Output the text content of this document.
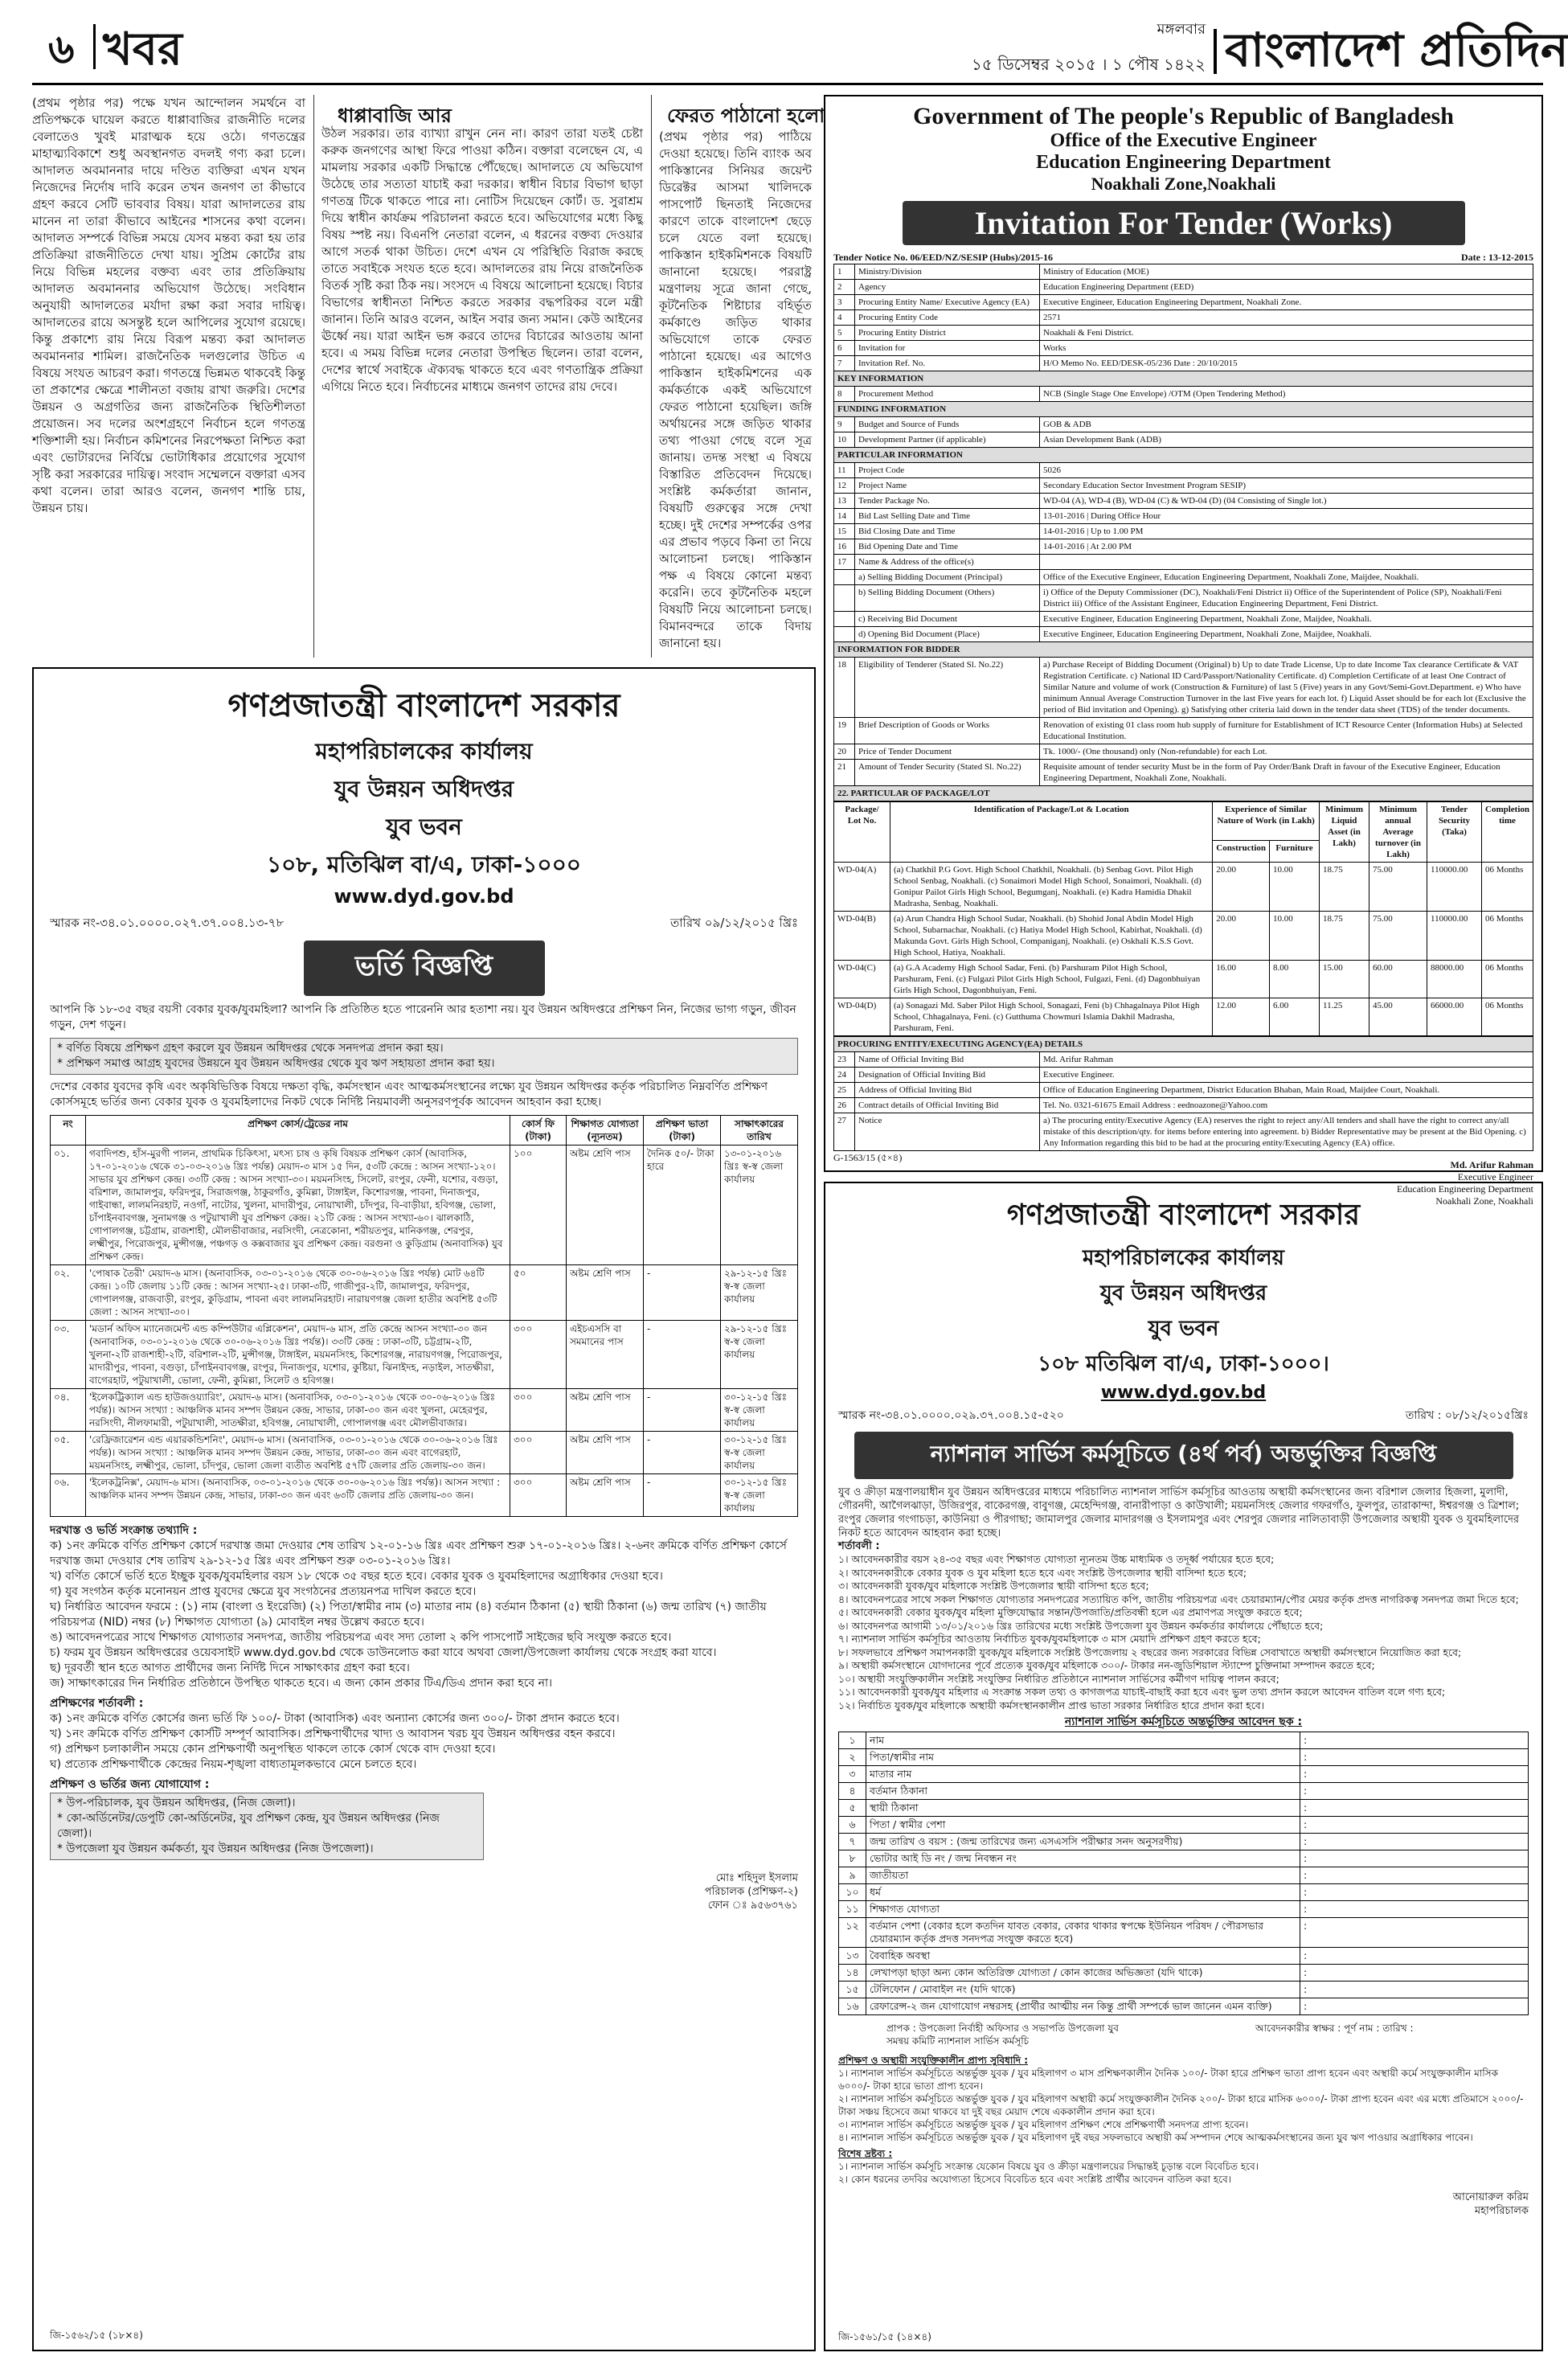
৬ খবর	মঙ্গলবার
১৫ ডিসেম্বর ২০১৫ । ১ পৌষ ১৪২২ বাংলাদেশ প্রতিদিন
(প্রথম পৃষ্ঠার পর) পক্ষে যখন আন্দোলন সমর্থনে বা প্রতিপক্ষকে ঘায়েল করতে ধাপ্পাবাজির রাজনীতি দলের বেলাতেও খুবই মারাত্মক হয়ে ওঠে। গণতন্ত্রের মাহাত্ম্যবিকাশে শুধু অবস্থানগত বদলই গণ্য করা চলে। আদালত অবমাননার দায়ে দণ্ডিত ব্যক্তিরা এখন যখন নিজেদের নির্দোষ দাবি করেন তখন জনগণ তা কীভাবে গ্রহণ করবে সেটি ভাববার বিষয়। যারা আদালতের রায় মানেন না তারা কীভাবে আইনের শাসনের কথা বলেন। আদালত সম্পর্কে বিভিন্ন সময়ে যেসব মন্তব্য করা হয় তার প্রতিক্রিয়া রাজনীতিতে দেখা যায়। সুপ্রিম কোর্টের রায় নিয়ে বিভিন্ন মহলের বক্তব্য এবং তার প্রতিক্রিয়ায় আদালত অবমাননার অভিযোগ উঠেছে। সংবিধান অনুযায়ী আদালতের মর্যাদা রক্ষা করা সবার দায়িত্ব। আদালতের রায়ে অসন্তুষ্ট হলে আপিলের সুযোগ রয়েছে। কিন্তু প্রকাশ্যে রায় নিয়ে বিরূপ মন্তব্য করা আদালত অবমাননার শামিল। রাজনৈতিক দলগুলোর উচিত এ বিষয়ে সংযত আচরণ করা। গণতন্ত্রে ভিন্নমত থাকবেই কিন্তু তা প্রকাশের ক্ষেত্রে শালীনতা বজায় রাখা জরুরি। দেশের উন্নয়ন ও অগ্রগতির জন্য রাজনৈতিক স্থিতিশীলতা প্রয়োজন। সব দলের অংশগ্রহণে নির্বাচন হলে গণতন্ত্র শক্তিশালী হয়। নির্বাচন কমিশনের নিরপেক্ষতা নিশ্চিত করা এবং ভোটারদের নির্বিঘ্নে ভোটাধিকার প্রয়োগের সুযোগ সৃষ্টি করা সরকারের দায়িত্ব। সংবাদ সম্মেলনে বক্তারা এসব কথা বলেন। তারা আরও বলেন, জনগণ শান্তি চায়, উন্নয়ন চায়।
ধাপ্পাবাজি আর
উঠল সরকার। তার ব্যাখ্যা রাখুন নেন না। কারণ তারা যতই চেষ্টা করুক জনগণের আস্থা ফিরে পাওয়া কঠিন। বক্তারা বলেছেন যে, এ মামলায় সরকার একটি সিদ্ধান্তে পৌঁছেছে। আদালতে যে অভিযোগ উঠেছে তার সত্যতা যাচাই করা দরকার। স্বাধীন বিচার বিভাগ ছাড়া গণতন্ত্র টিকে থাকতে পারে না। নোটিস দিয়েছেন কোর্ট। ড. সুরাশ্রম দিয়ে স্বাধীন কার্যক্রম পরিচালনা করতে হবে। অভিযোগের মধ্যে কিছু বিষয় স্পষ্ট নয়। বিএনপি নেতারা বলেন, এ ধরনের বক্তব্য দেওয়ার আগে সতর্ক থাকা উচিত। দেশে এখন যে পরিস্থিতি বিরাজ করছে তাতে সবাইকে সংযত হতে হবে। আদালতের রায় নিয়ে রাজনৈতিক বিতর্ক সৃষ্টি করা ঠিক নয়। সংসদে এ বিষয়ে আলোচনা হয়েছে। বিচার বিভাগের স্বাধীনতা নিশ্চিত করতে সরকার বদ্ধপরিকর বলে মন্ত্রী জানান। তিনি আরও বলেন, আইন সবার জন্য সমান। কেউ আইনের ঊর্ধ্বে নয়। যারা আইন ভঙ্গ করবে তাদের বিচারের আওতায় আনা হবে। এ সময় বিভিন্ন দলের নেতারা উপস্থিত ছিলেন। তারা বলেন, দেশের স্বার্থে সবাইকে ঐক্যবদ্ধ থাকতে হবে এবং গণতান্ত্রিক প্রক্রিয়া এগিয়ে নিতে হবে। নির্বাচনের মাধ্যমে জনগণ তাদের রায় দেবে।
ফেরত পাঠানো হলো
(প্রথম পৃষ্ঠার পর) পাঠিয়ে দেওয়া হয়েছে। তিনি ব্যাংক অব পাকিস্তানের সিনিয়র জয়েন্ট ডিরেক্টর আসমা খালিদকে পাসপোর্ট ছিনতাই নিজেদের কারণে তাকে বাংলাদেশ ছেড়ে চলে যেতে বলা হয়েছে। পাকিস্তান হাইকমিশনকে বিষয়টি জানানো হয়েছে। পররাষ্ট্র মন্ত্রণালয় সূত্রে জানা গেছে, কূটনৈতিক শিষ্টাচার বহির্ভূত কর্মকাণ্ডে জড়িত থাকার অভিযোগে তাকে ফেরত পাঠানো হয়েছে। এর আগেও পাকিস্তান হাইকমিশনের এক কর্মকর্তাকে একই অভিযোগে ফেরত পাঠানো হয়েছিল। জঙ্গি অর্থায়নের সঙ্গে জড়িত থাকার তথ্য পাওয়া গেছে বলে সূত্র জানায়। তদন্ত সংস্থা এ বিষয়ে বিস্তারিত প্রতিবেদন দিয়েছে। সংশ্লিষ্ট কর্মকর্তারা জানান, বিষয়টি গুরুত্বের সঙ্গে দেখা হচ্ছে। দুই দেশের সম্পর্কের ওপর এর প্রভাব পড়বে কিনা তা নিয়ে আলোচনা চলছে। পাকিস্তান পক্ষ এ বিষয়ে কোনো মন্তব্য করেনি। তবে কূটনৈতিক মহলে বিষয়টি নিয়ে আলোচনা চলছে। বিমানবন্দরে তাকে বিদায় জানানো হয়।
গণপ্রজাতন্ত্রী বাংলাদেশ সরকার
মহাপরিচালকের কার্যালয়
যুব উন্নয়ন অধিদপ্তর
যুব ভবন
১০৮, মতিঝিল বা/এ, ঢাকা-১০০০
www.dyd.gov.bd
স্মারক নং-৩৪.০১.০০০০.০২৭.৩৭.০০৪.১৩-৭৮	তারিখ ০৯/১২/২০১৫ খ্রিঃ
ভর্তি বিজ্ঞপ্তি
আপনি কি ১৮-৩৫ বছর বয়সী বেকার যুবক/যুবমহিলা? আপনি কি প্রতিষ্ঠিত হতে পারেননি আর হতাশা নয়। যুব উন্নয়ন অধিদপ্তরে প্রশিক্ষণ নিন, নিজের ভাগ্য গড়ুন, জীবন গড়ুন, দেশ গড়ুন।
* বর্ণিত বিষয়ে প্রশিক্ষণ গ্রহণ করলে যুব উন্নয়ন অধিদপ্তর থেকে সনদপত্র প্রদান করা হয়।
* প্রশিক্ষণ সমাপ্ত আগ্রহ যুবদের উন্নয়নে যুব উন্নয়ন অধিদপ্তর থেকে যুব ঋণ সহায়তা প্রদান করা হয়।
দেশের বেকার যুবদের কৃষি এবং অকৃষিভিত্তিক বিষয়ে দক্ষতা বৃদ্ধি, কর্মসংস্থান এবং আত্মকর্মসংস্থানের লক্ষ্যে যুব উন্নয়ন অধিদপ্তর কর্তৃক পরিচালিত নিম্নবর্ণিত প্রশিক্ষণ কোর্সসমূহে ভর্তির জন্য বেকার যুবক ও যুবমহিলাদের নিকট থেকে নির্দিষ্ট নিয়মাবলী অনুসরণপূর্বক আবেদন আহবান করা হচ্ছে।
নং	প্রশিক্ষণ কোর্স/ট্রেডের নাম	কোর্স ফি (টাকা)	শিক্ষাগত যোগ্যতা (ন্যূনতম)	প্রশিক্ষণ ভাতা (টাকা)	সাক্ষাৎকারের তারিখ
০১.	গবাদিপশু, হাঁস-মুরগী পালন, প্রাথমিক চিকিৎসা, মৎস্য চাষ ও কৃষি বিষয়ক প্রশিক্ষণ কোর্স (আবাসিক, ১৭-০১-২০১৬ থেকে ৩১-০৩-২০১৬ খ্রিঃ পর্যন্ত) মেয়াদ-৩ মাস ১৫ দিন, ৫৩টি কেন্দ্রে : আসন সংখ্যা-১২০। সাভার যুব প্রশিক্ষণ কেন্দ্র। ৩৩টি কেন্দ্র : আসন সংখ্যা-৩০। ময়মনসিংহ, সিলেট, রংপুর, ফেনী, যশোর, বগুড়া, বরিশাল, জামালপুর, ফরিদপুর, সিরাজগঞ্জ, ঠাকুরগাঁও, কুমিল্লা, টাঙ্গাইল, কিশোরগঞ্জ, পাবনা, দিনাজপুর, গাইবান্ধা, লালমনিরহাট, নওগাঁ, নাটোর, খুলনা, মাদারীপুর, নোয়াখালী, চাঁদপুর, বি-বাড়ীয়া, হবিগঞ্জ, ভোলা, চাঁপাইনবাবগঞ্জ, সুনামগঞ্জ ও পটুয়াখালী যুব প্রশিক্ষণ কেন্দ্র। ২১টি কেন্দ্র : আসন সংখ্যা-৬০। ঝালকাঠি, গোপালগঞ্জ, চট্টগ্রাম, রাজশাহী, মৌলভীবাজার, নরসিংদী, নেত্রকোনা, শরীয়তপুর, মানিকগঞ্জ, শেরপুর, লক্ষ্মীপুর, পিরোজপুর, মুন্সীগঞ্জ, পঞ্চগড় ও কক্সবাজার যুব প্রশিক্ষণ কেন্দ্র। বরগুনা ও কুড়িগ্রাম (অনাবাসিক) যুব প্রশিক্ষণ কেন্দ্র।	১০০	অষ্টম শ্রেণি পাস	দৈনিক ৫০/- টাকা হারে	১৩-০১-২০১৬ খ্রিঃ স্ব-স্ব জেলা কার্যালয়
০২.	'পোষাক তৈরী' মেয়াদ-৬ মাস। (অনাবাসিক, ০৩-০১-২০১৬ থেকে ৩০-০৬-২০১৬ খ্রিঃ পর্যন্ত) মোট ৬৪টি কেন্দ্র। ১০টি জেলায় ১১টি কেন্দ্র : আসন সংখ্যা-২৫। ঢাকা-৩টি, গাজীপুর-২টি, জামালপুর, ফরিদপুর, গোপালগঞ্জ, রাজবাড়ী, রংপুর, কুড়িগ্রাম, পাবনা এবং লালমনিরহাট। নারায়ণগঞ্জ জেলা হাতীর অবশিষ্ট ৫৩টি জেলা : আসন সংখ্যা-৩০।	৫০	অষ্টম শ্রেণি পাস	-	২৯-১২-১৫ খ্রিঃ স্ব-স্ব জেলা কার্যালয়
০৩.	'মডার্ন অফিস ম্যানেজমেন্ট এন্ড কম্পিউটার এপ্লিকেশন', মেয়াদ-৬ মাস, প্রতি কেন্দ্রে আসন সংখ্যা-৩০ জন (অনাবাসিক, ০৩-০১-২০১৬ থেকে ৩০-০৬-২০১৬ খ্রিঃ পর্যন্ত)। ৩৩টি কেন্দ্র : ঢাকা-৩টি, চট্টগ্রাম-২টি, খুলনা-২টি রাজশাহী-২টি, বরিশাল-২টি, মুন্সীগঞ্জ, টাঙ্গাইল, ময়মনসিংহ, কিশোরগঞ্জ, নারায়ণগঞ্জ, পিরোজপুর, মাদারীপুর, পাবনা, বগুড়া, চাঁপাইনবাবগঞ্জ, রংপুর, দিনাজপুর, যশোর, কুষ্টিয়া, ঝিনাইদহ, নড়াইল, সাতক্ষীরা, বাগেরহাট, পটুয়াখালী, ভোলা, ফেনী, কুমিল্লা, সিলেট ও হবিগঞ্জ।	৩০০	এইচএসসি বা সমমানের পাস	-	২৯-১২-১৫ খ্রিঃ স্ব-স্ব জেলা কার্যালয়
০৪.	'ইলেকট্রিক্যাল এন্ড হাউজওয়্যারিং', মেয়াদ-৬ মাস। (অনাবাসিক, ০৩-০১-২০১৬ থেকে ৩০-০৬-২০১৬ খ্রিঃ পর্যন্ত)। আসন সংখ্যা : আঞ্চলিক মানব সম্পদ উন্নয়ন কেন্দ্র, সাভার, ঢাকা-৩০ জন এবং খুলনা, মেহেরপুর, নরসিংদী, নীলফামারী, পটুয়াখালী, সাতক্ষীরা, হবিগঞ্জ, নোয়াখালী, গোপালগঞ্জ এবং মৌলভীবাজার।	৩০০	অষ্টম শ্রেণি পাস	-	৩০-১২-১৫ খ্রিঃ স্ব-স্ব জেলা কার্যালয়
০৫.	'রেফ্রিজারেশন এন্ড এয়ারকন্ডিশনিং', মেয়াদ-৬ মাস। (অনাবাসিক, ০৩-০১-২০১৬ থেকে ৩০-০৬-২০১৬ খ্রিঃ পর্যন্ত)। আসন সংখ্যা : আঞ্চলিক মানব সম্পদ উন্নয়ন কেন্দ্র, সাভার, ঢাকা-৩০ জন এবং বাগেরহাট, ময়মনসিংহ, লক্ষ্মীপুর, ভোলা, চাঁদপুর, ভোলা জেলা ব্যতীত অবশিষ্ট ৫৭টি জেলার প্রতি জেলায়-৩০ জন।	৩০০	অষ্টম শ্রেণি পাস	-	৩০-১২-১৫ খ্রিঃ স্ব-স্ব জেলা কার্যালয়
০৬.	'ইলেকট্রনিক্স', মেয়াদ-৬ মাস। (অনাবাসিক, ০৩-০১-২০১৬ থেকে ৩০-০৬-২০১৬ খ্রিঃ পর্যন্ত)। আসন সংখ্যা : আঞ্চলিক মানব সম্পদ উন্নয়ন কেন্দ্র, সাভার, ঢাকা-৩০ জন এবং ৬৩টি জেলার প্রতি জেলায়-৩০ জন।	৩০০	অষ্টম শ্রেণি পাস	-	৩০-১২-১৫ খ্রিঃ স্ব-স্ব জেলা কার্যালয়
দরখাস্ত ও ভর্তি সংক্রান্ত তথ্যাদি :
ক) ১নং ক্রমিকে বর্ণিত প্রশিক্ষণ কোর্সে দরখাস্ত জমা দেওয়ার শেষ তারিখ ১২-০১-১৬ খ্রিঃ এবং প্রশিক্ষণ শুরু ১৭-০১-২০১৬ খ্রিঃ। ২-৬নং ক্রমিকে বর্ণিত প্রশিক্ষণ কোর্সে দরখাস্ত জমা দেওয়ার শেষ তারিখ ২৯-১২-১৫ খ্রিঃ এবং প্রশিক্ষণ শুরু ০৩-০১-২০১৬ খ্রিঃ।
খ) বর্ণিত কোর্সে ভর্তি হতে ইচ্ছুক যুবক/যুবমহিলার বয়স ১৮ থেকে ৩৫ বছর হতে হবে। বেকার যুবক ও যুবমহিলাদের অগ্রাধিকার দেওয়া হবে।
গ) যুব সংগঠন কর্তৃক মনোনয়ন প্রাপ্ত যুবদের ক্ষেত্রে যুব সংগঠনের প্রত্যয়নপত্র দাখিল করতে হবে।
ঘ) নির্ধারিত আবেদন ফরমে : (১) নাম (বাংলা ও ইংরেজি) (২) পিতা/স্বামীর নাম (৩) মাতার নাম (৪) বর্তমান ঠিকানা (৫) স্থায়ী ঠিকানা (৬) জন্ম তারিখ (৭) জাতীয় পরিচয়পত্র (NID) নম্বর (৮) শিক্ষাগত যোগ্যতা (৯) মোবাইল নম্বর উল্লেখ করতে হবে।
ঙ) আবেদনপত্রের সাথে শিক্ষাগত যোগ্যতার সনদপত্র, জাতীয় পরিচয়পত্র এবং সদ্য তোলা ২ কপি পাসপোর্ট সাইজের ছবি সংযুক্ত করতে হবে।
চ) ফরম যুব উন্নয়ন অধিদপ্তরের ওয়েবসাইট www.dyd.gov.bd থেকে ডাউনলোড করা যাবে অথবা জেলা/উপজেলা কার্যালয় থেকে সংগ্রহ করা যাবে।
ছ) দূরবর্তী স্থান হতে আগত প্রার্থীদের জন্য নির্দিষ্ট দিনে সাক্ষাৎকার গ্রহণ করা হবে।
জ) সাক্ষাৎকারের দিন নির্ধারিত প্রতিষ্ঠানে উপস্থিত থাকতে হবে। এ জন্য কোন প্রকার টিএ/ডিএ প্রদান করা হবে না।
প্রশিক্ষণের শর্তাবলী :
ক) ১নং ক্রমিকে বর্ণিত কোর্সের জন্য ভর্তি ফি ১০০/- টাকা (আবাসিক) এবং অন্যান্য কোর্সের জন্য ৩০০/- টাকা প্রদান করতে হবে।
খ) ১নং ক্রমিকে বর্ণিত প্রশিক্ষণ কোর্সটি সম্পূর্ণ আবাসিক। প্রশিক্ষণার্থীদের খাদ্য ও আবাসন খরচ যুব উন্নয়ন অধিদপ্তর বহন করবে।
গ) প্রশিক্ষণ চলাকালীন সময়ে কোন প্রশিক্ষণার্থী অনুপস্থিত থাকলে তাকে কোর্স থেকে বাদ দেওয়া হবে।
ঘ) প্রত্যেক প্রশিক্ষণার্থীকে কেন্দ্রের নিয়ম-শৃঙ্খলা বাধ্যতামূলকভাবে মেনে চলতে হবে।
প্রশিক্ষণ ও ভর্তির জন্য যোগাযোগ :
* উপ-পরিচালক, যুব উন্নয়ন অধিদপ্তর, (নিজ জেলা)।
* কো-অর্ডিনেটর/ডেপুটি কো-অর্ডিনেটর, যুব প্রশিক্ষণ কেন্দ্র, যুব উন্নয়ন অধিদপ্তর (নিজ জেলা)।
* উপজেলা যুব উন্নয়ন কর্মকর্তা, যুব উন্নয়ন অধিদপ্তর (নিজ উপজেলা)।
মোঃ শহিদুল ইসলাম
পরিচালক (প্রশিক্ষণ-২)
ফোন ঃ ৯৫৬৩৭৬১
জি-১৫৬২/১৫ (১৮×৪)
Government of The people's Republic of Bangladesh
Office of the Executive Engineer
Education Engineering Department
Noakhali Zone,Noakhali
Invitation For Tender (Works)
Tender Notice No. 06/EED/NZ/SESIP (Hubs)/2015-16	Date : 13-12-2015
1	Ministry/Division	Ministry of Education (MOE)
2	Agency	Education Engineering Department (EED)
3	Procuring Entity Name/ Executive Agency (EA)	Executive Engineer, Education Engineering Department, Noakhali Zone.
4	Procuring Entity Code	2571
5	Procuring Entity District	Noakhali & Feni District.
6	Invitation for	Works
7	Invitation Ref. No.	H/O Memo No. EED/DESK-05/236 Date : 20/10/2015
KEY INFORMATION		
8	Procurement Method	NCB (Single Stage One Envelope) /OTM (Open Tendering Method)
FUNDING INFORMATION		
9	Budget and Source of Funds	GOB & ADB
10	Development Partner (if applicable)	Asian Development Bank (ADB)
PARTICULAR INFORMATION		
11	Project Code	5026
12	Project Name	Secondary Education Sector Investment Program SESIP)
13	Tender Package No.	WD-04 (A), WD-4 (B), WD-04 (C) & WD-04 (D) (04 Consisting of Single lot.)
14	Bid Last Selling Date and Time	13-01-2016 | During Office Hour
15	Bid Closing Date and Time	14-01-2016 | Up to 1.00 PM
16	Bid Opening Date and Time	14-01-2016 | At 2.00 PM
17	Name & Address of the office(s)	
	a) Selling Bidding Document (Principal)	Office of the Executive Engineer, Education Engineering Department, Noakhali Zone, Maijdee, Noakhali.
	b) Selling Bidding Document (Others)	i) Office of the Deputy Commissioner (DC), Noakhali/Feni District ii) Office of the Superintendent of Police (SP), Noakhali/Feni District iii) Office of the Assistant Engineer, Education Engineering Department, Feni District.
	c) Receiving Bid Document	Executive Engineer, Education Engineering Department, Noakhali Zone, Maijdee, Noakhali.
	d) Opening Bid Document (Place)	Executive Engineer, Education Engineering Department, Noakhali Zone, Maijdee, Noakhali.
INFORMATION FOR BIDDER		
18	Eligibility of Tenderer (Stated Sl. No.22)	a) Purchase Receipt of Bidding Document (Original) b) Up to date Trade License, Up to date Income Tax clearance Certificate & VAT Registration Certificate. c) National ID Card/Passport/Nationality Certificate. d) Completion Certificate of at least One Contract of Similar Nature and volume of work (Construction & Furniture) of last 5 (Five) years in any Govt/Semi-Govt.Department. e) Who have minimum Annual Average Construction Turnover in the last Five years for each lot. f) Liquid Asset should be for each lot (Exclusive the period of Bid invitation and Opening). g) Satisfying other criteria laid down in the tender data sheet (TDS) of the tender documents.
19	Brief Description of Goods or Works	Renovation of existing 01 class room hub supply of furniture for Establishment of ICT Resource Center (Information Hubs) at Selected Educational Institution.
20	Price of Tender Document	Tk. 1000/- (One thousand) only (Non-refundable) for each Lot.
21	Amount of Tender Security (Stated Sl. No.22)	Requisite amount of tender security Must be in the form of Pay Order/Bank Draft in favour of the Executive Engineer, Education Engineering Department, Noakhali Zone, Noakhali.
22. PARTICULAR OF PACKAGE/LOT		
Package/ Lot No.	Identification of Package/Lot & Location	Experience of Similar Nature of Work (in Lakh)		Minimum Liquid Asset (in Lakh)	Minimum annual Average turnover (in Lakh)	Tender Security (Taka)	Completion time
		Construction	Furniture				
WD-04(A)	(a) Chatkhil P.G Govt. High School Chatkhil, Noakhali. (b) Senbag Govt. Pilot High School Senbag, Noakhali. (c) Sonaimori Model High School, Sonaimori, Noakhali. (d) Gonipur Pailot Girls High School, Begumganj, Noakhali. (e) Kadra Hamidia Dhakil Madrasha, Senbag, Noakhali.	20.00	10.00	18.75	75.00	110000.00	06 Months
WD-04(B)	(a) Arun Chandra High School Sudar, Noakhali. (b) Shohid Jonal Abdin Model High School, Subarnachar, Noakhali. (c) Hatiya Model High School, Kabirhat, Noakhali. (d) Makunda Govt. Girls High School, Companiganj, Noakhali. (e) Oskhali K.S.S Govt. High School, Hatiya, Noakhali.	20.00	10.00	18.75	75.00	110000.00	06 Months
WD-04(C)	(a) G.A Academy High School Sadar, Feni. (b) Parshuram Pilot High School, Parshuram, Feni. (c) Fulgazi Pilot Girls High School, Fulgazi, Feni. (d) Dagonbhuiyan Girls High School, Dagonbhuiyan, Feni.	16.00	8.00	15.00	60.00	88000.00	06 Months
WD-04(D)	(a) Sonagazi Md. Saber Pilot High School, Sonagazi, Feni (b) Chhagalnaya Pilot High School, Chhagalnaya, Feni. (c) Gutthuma Chowmuri Islamia Dakhil Madrasha, Parshuram, Feni.	12.00	6.00	11.25	45.00	66000.00	06 Months
PROCURING ENTITY/EXECUTING AGENCY(EA) DETAILS		
23	Name of Official Inviting Bid	Md. Arifur Rahman
24	Designation of Official Inviting Bid	Executive Engineer.
25	Address of Official Inviting Bid	Office of Education Engineering Department, District Education Bhaban, Main Road, Maijdee Court, Noakhali.
26	Contract details of Official Inviting Bid	Tel. No. 0321-61675 Email Address : eednoazone@Yahoo.com
27	Notice	a) The procuring entity/Executive Agency (EA) reserves the right to reject any/All tenders and shall have the right to correct any/all mistake of this description/qty. for items before entering into agreement. b) Bidder Representative may be present at the Bid Opening. c) Any Information regarding this bid to be had at the procuring entity/Executing Agency (EA) office.
Md. Arifur Rahman
Executive Engineer
Education Engineering Department
Noakhali Zone, Noakhali
G-1563/15 (৫×৪)
গণপ্রজাতন্ত্রী বাংলাদেশ সরকার
মহাপরিচালকের কার্যালয়
যুব উন্নয়ন অধিদপ্তর
যুব ভবন
১০৮ মতিঝিল বা/এ, ঢাকা-১০০০।
www.dyd.gov.bd
স্মারক নং-৩৪.০১.০০০০.০২৯.৩৭.০০৪.১৫-৫২০	তারিখ : ০৮/১২/২০১৫খ্রিঃ
ন্যাশনাল সার্ভিস কর্মসূচিতে (৪র্থ পর্ব) অন্তর্ভুক্তির বিজ্ঞপ্তি
যুব ও ক্রীড়া মন্ত্রণালয়াধীন যুব উন্নয়ন অধিদপ্তরের মাধ্যমে পরিচালিত ন্যাশনাল সার্ভিস কর্মসূচির আওতায় অস্থায়ী কর্মসংস্থানের জন্য বরিশাল জেলার হিজলা, মুলাদী, গৌরনদী, আগৈলঝাড়া, উজিরপুর, বাকেরগঞ্জ, বাবুগঞ্জ, মেহেন্দিগঞ্জ, বানারীপাড়া ও কাউখালী; ময়মনসিংহ জেলার গফরগাঁও, ফুলপুর, তারাকান্দা, ঈশ্বরগঞ্জ ও ত্রিশাল; রংপুর জেলার গংগাচড়া, কাউনিয়া ও পীরগাছা; জামালপুর জেলার মাদারগঞ্জ ও ইসলামপুর এবং শেরপুর জেলার নালিতাবাড়ী উপজেলার অস্থায়ী যুবক ও যুবমহিলাদের নিকট হতে আবেদন আহবান করা হচ্ছে।
শর্তাবলী :
১। আবেদনকারীর বয়স ২৪-৩৫ বছর এবং শিক্ষাগত যোগ্যতা ন্যূনতম উচ্চ মাধ্যমিক ও তদূর্ধ্ব পর্যায়ের হতে হবে;
২। আবেদনকারীকে বেকার যুবক ও যুব মহিলা হতে হবে এবং সংশ্লিষ্ট উপজেলার স্থায়ী বাসিন্দা হতে হবে;
৩। আবেদনকারী যুবক/যুব মহিলাকে সংশ্লিষ্ট উপজেলার স্থায়ী বাসিন্দা হতে হবে;
৪। আবেদনপত্রের সাথে সকল শিক্ষাগত যোগ্যতার সনদপত্রের সত্যায়িত কপি, জাতীয় পরিচয়পত্র এবং চেয়ারম্যান/পৌর মেয়র কর্তৃক প্রদত্ত নাগরিকত্ব সনদপত্র জমা দিতে হবে;
৫। আবেদনকারী বেকার যুবক/যুব মহিলা মুক্তিযোদ্ধার সন্তান/উপজাতি/প্রতিবন্ধী হলে এর প্রমাণপত্র সংযুক্ত করতে হবে;
৬। আবেদনপত্র আগামী ১৩/০১/২০১৬ খ্রিঃ তারিখের মধ্যে সংশ্লিষ্ট উপজেলা যুব উন্নয়ন কর্মকর্তার কার্যালয়ে পৌঁছাতে হবে;
৭। ন্যাশনাল সার্ভিস কর্মসূচির আওতায় নির্বাচিত যুবক/যুবমহিলাকে ৩ মাস মেয়াদি প্রশিক্ষণ গ্রহণ করতে হবে;
৮। সফলভাবে প্রশিক্ষণ সমাপনকারী যুবক/যুব মহিলাকে সংশ্লিষ্ট উপজেলায় ২ বছরের জন্য সরকারের বিভিন্ন সেবাখাতে অস্থায়ী কর্মসংস্থানে নিয়োজিত করা হবে;
৯। অস্থায়ী কর্মসংস্থানে যোগদানের পূর্বে প্রত্যেক যুবক/যুব মহিলাকে ৩০০/- টাকার নন-জুডিশিয়াল স্ট্যাম্পে চুক্তিনামা সম্পাদন করতে হবে;
১০। অস্থায়ী সংযুক্তিকালীন সংশ্লিষ্ট সংযুক্তির নির্ধারিত প্রতিষ্ঠানে ন্যাশনাল সার্ভিসের কর্মীগণ দায়িত্ব পালন করবে;
১১। আবেদনকারী যুবক/যুব মহিলার এ সংক্রান্ত সকল তথ্য ও কাগজপত্র যাচাই-বাছাই করা হবে এবং ভুল তথ্য প্রদান করলে আবেদন বাতিল বলে গণ্য হবে;
১২। নির্বাচিত যুবক/যুব মহিলাকে অস্থায়ী কর্মসংস্থানকালীন প্রাপ্ত ভাতা সরকার নির্ধারিত হারে প্রদান করা হবে।
ন্যাশনাল সার্ভিস কর্মসূচিতে অন্তর্ভুক্তির আবেদন ছক :
১	নাম	:
২	পিতা/স্বামীর নাম	:
৩	মাতার নাম	:
৪	বর্তমান ঠিকানা	:
৫	স্থায়ী ঠিকানা	:
৬	পিতা / স্বামীর পেশা	:
৭	জন্ম তারিখ ও বয়স : (জন্ম তারিখের জন্য এসএসসি পরীক্ষার সনদ অনুসরণীয়)	:
৮	ভোটার আই ডি নং / জন্ম নিবন্ধন নং	:
৯	জাতীয়তা	:
১০	ধর্ম	:
১১	শিক্ষাগত যোগ্যতা	:
১২	বর্তমান পেশা (বেকার হলে কতদিন যাবত বেকার, বেকার থাকার স্বপক্ষে ইউনিয়ন পরিষদ / পৌরসভার চেয়ারম্যান কর্তৃক প্রদত্ত সনদপত্র সংযুক্ত করতে হবে)	:
১৩	বৈবাহিক অবস্থা	:
১৪	লেখাপড়া ছাড়া অন্য কোন অতিরিক্ত যোগ্যতা / কোন কাজের অভিজ্ঞতা (যদি থাকে)	:
১৫	টেলিফোন / মোবাইল নং (যদি থাকে)	:
১৬	রেফারেন্স-২ জন যোগাযোগ নম্বরসহ (প্রার্থীর আত্মীয় নন কিন্তু প্রার্থী সম্পর্কে ভাল জানেন এমন ব্যক্তি)	:
প্রাপক : উপজেলা নির্বাহী অফিসার ও সভাপতি উপজেলা যুব সমন্বয় কমিটি ন্যাশনাল সার্ভিস কর্মসূচি
আবেদনকারীর স্বাক্ষর : পূর্ণ নাম : তারিখ :
প্রশিক্ষণ ও অস্থায়ী সংযুক্তিকালীন প্রাপ্য সুবিধাদি :
১। ন্যাশনাল সার্ভিস কর্মসূচিতে অন্তর্ভুক্ত যুবক / যুব মহিলাগণ ৩ মাস প্রশিক্ষণকালীন দৈনিক ১০০/- টাকা হারে প্রশিক্ষণ ভাতা প্রাপ্য হবেন এবং অস্থায়ী কর্মে সংযুক্তকালীন মাসিক ৬০০০/- টাকা হারে ভাতা প্রাপ্য হবেন।
২। ন্যাশনাল সার্ভিস কর্মসূচিতে অন্তর্ভুক্ত যুবক / যুব মহিলাগণ অস্থায়ী কর্মে সংযুক্তকালীন দৈনিক ২০০/- টাকা হারে মাসিক ৬০০০/- টাকা প্রাপ্য হবেন এবং এর মধ্যে প্রতিমাসে ২০০০/- টাকা সঞ্চয় হিসেবে জমা থাকবে যা দুই বছর মেয়াদ শেষে এককালীন প্রদান করা হবে।
৩। ন্যাশনাল সার্ভিস কর্মসূচিতে অন্তর্ভুক্ত যুবক / যুব মহিলাগণ প্রশিক্ষণ শেষে প্রশিক্ষণার্থী সনদপত্র প্রাপ্য হবেন।
৪। ন্যাশনাল সার্ভিস কর্মসূচিতে অন্তর্ভুক্ত যুবক / যুব মহিলাগণ দুই বছর সফলভাবে অস্থায়ী কর্ম সম্পাদন শেষে আত্মকর্মসংস্থানের জন্য যুব ঋণ পাওয়ার অগ্রাধিকার পাবেন।
বিশেষ দ্রষ্টব্য :
১। ন্যাশনাল সার্ভিস কর্মসূচি সংক্রান্ত যেকোন বিষয়ে যুব ও ক্রীড়া মন্ত্রণালয়ের সিদ্ধান্তই চূড়ান্ত বলে বিবেচিত হবে।
২। কোন ধরনের তদবির অযোগ্যতা হিসেবে বিবেচিত হবে এবং সংশ্লিষ্ট প্রার্থীর আবেদন বাতিল করা হবে।
আনোয়ারুল করিম
মহাপরিচালক
জি-১৫৬১/১৫ (১৪×৪)
